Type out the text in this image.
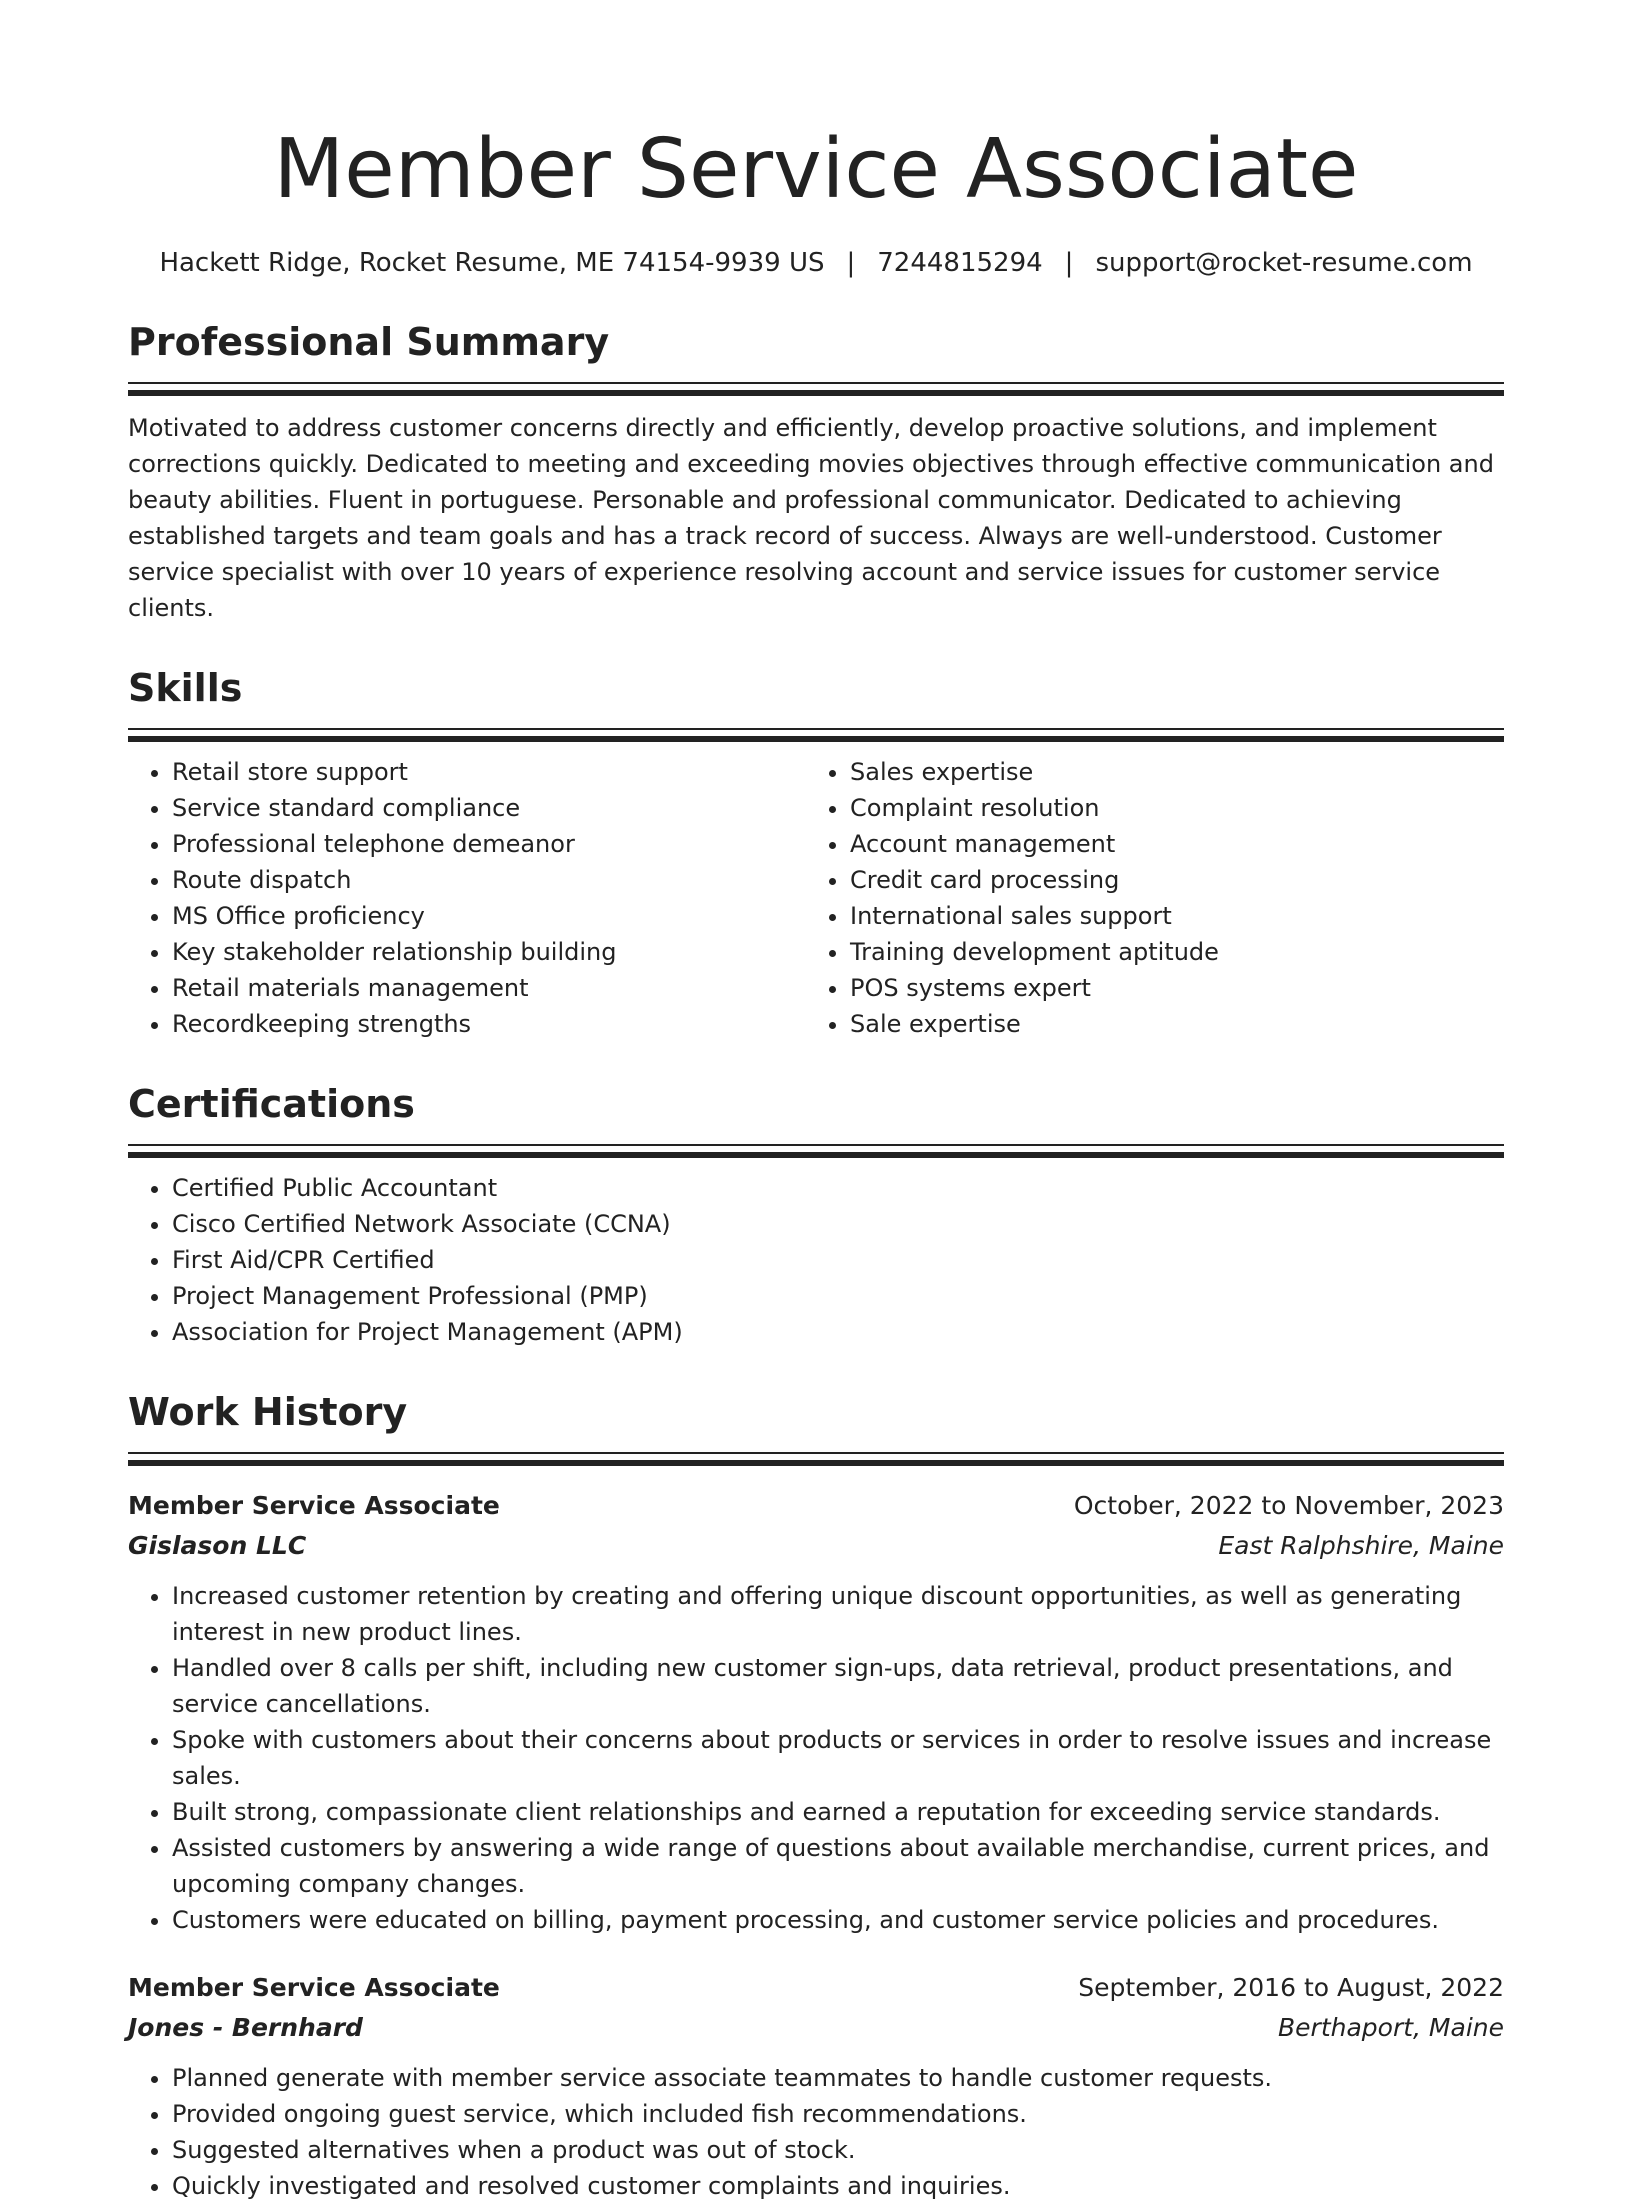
Member Service Associate
Hackett Ridge, Rocket Resume, ME 74154-9939 US | 7244815294 | support@rocket-resume.com
Professional Summary
Motivated to address customer concerns directly and efficiently, develop proactive solutions, and implement corrections quickly. Dedicated to meeting and exceeding movies objectives through effective communication and beauty abilities. Fluent in portuguese. Personable and professional communicator. Dedicated to achieving established targets and team goals and has a track record of success. Always are well-understood. Customer service specialist with over 10 years of experience resolving account and service issues for customer service clients.
Skills
• Retail store support
• Service standard compliance
• Professional telephone demeanor
• Route dispatch
• MS Office proficiency
• Key stakeholder relationship building
• Retail materials management
• Recordkeeping strengths
• Sales expertise
• Complaint resolution
• Account management
• Credit card processing
• International sales support
• Training development aptitude
• POS systems expert
• Sale expertise
Certifications
• Certified Public Accountant
• Cisco Certified Network Associate (CCNA)
• First Aid/CPR Certified
• Project Management Professional (PMP)
• Association for Project Management (APM)
Work History
Member Service Associate	October, 2022 to November, 2023
Gislason LLC	East Ralphshire, Maine
• Increased customer retention by creating and offering unique discount opportunities, as well as generating interest in new product lines.
• Handled over 8 calls per shift, including new customer sign-ups, data retrieval, product presentations, and service cancellations.
• Spoke with customers about their concerns about products or services in order to resolve issues and increase sales.
• Built strong, compassionate client relationships and earned a reputation for exceeding service standards.
• Assisted customers by answering a wide range of questions about available merchandise, current prices, and upcoming company changes.
• Customers were educated on billing, payment processing, and customer service policies and procedures.
Member Service Associate	September, 2016 to August, 2022
Jones - Bernhard	Berthaport, Maine
• Planned generate with member service associate teammates to handle customer requests.
• Provided ongoing guest service, which included fish recommendations.
• Suggested alternatives when a product was out of stock.
• Quickly investigated and resolved customer complaints and inquiries.
